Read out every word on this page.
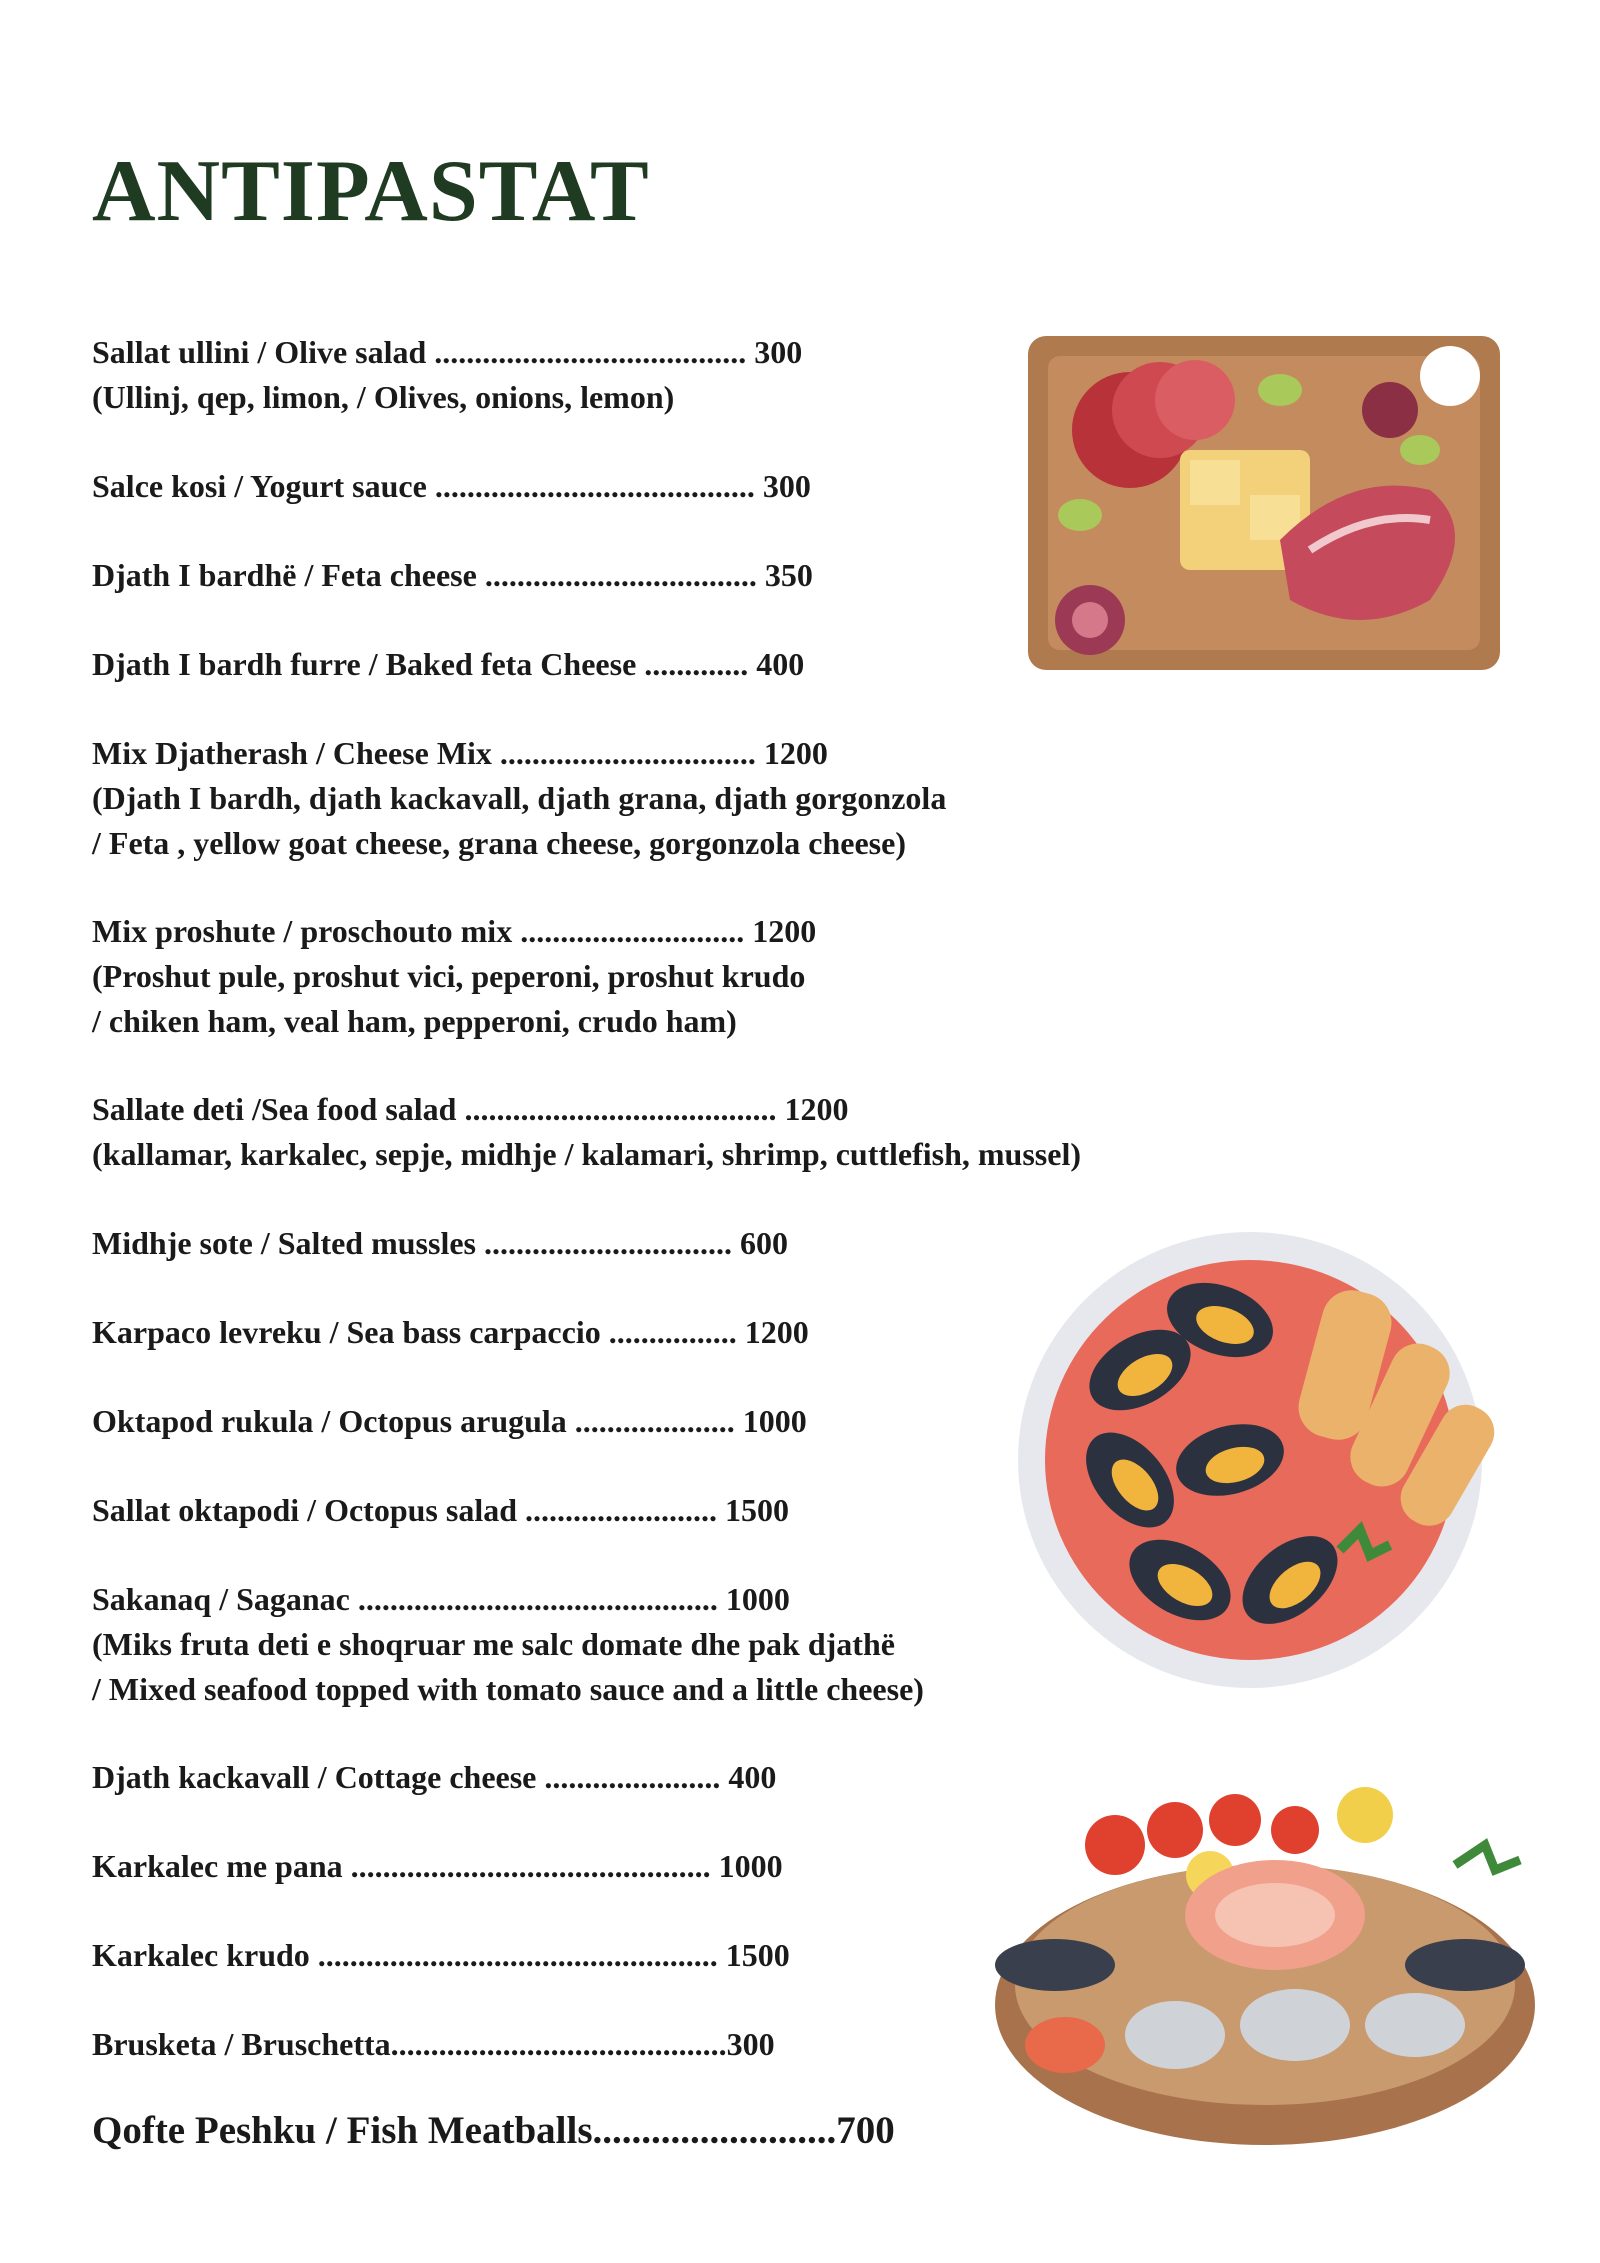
ANTIPASTAT
Sallat ullini / Olive salad ....................................... 300
(Ullinj, qep, limon, / Olives, onions, lemon)
Salce kosi / Yogurt sauce ........................................ 300
Djath I bardhë / Feta cheese .................................. 350
Djath I bardh furre / Baked feta Cheese ............. 400
Mix Djatherash / Cheese Mix ................................ 1200
(Djath I bardh, djath kackavall, djath grana, djath gorgonzola
/ Feta , yellow goat cheese, grana cheese, gorgonzola cheese)
Mix proshute / proschouto mix ............................ 1200
(Proshut pule, proshut vici, peperoni, proshut krudo
/ chiken ham, veal ham, pepperoni, crudo ham)
Sallate deti /Sea food salad ....................................... 1200
(kallamar, karkalec, sepje, midhje / kalamari, shrimp, cuttlefish, mussel)
Midhje sote / Salted mussles ............................... 600
Karpaco levreku / Sea bass carpaccio ................ 1200
Oktapod rukula / Octopus arugula .................... 1000
Sallat oktapodi / Octopus salad ........................ 1500
Sakanaq / Saganac ............................................. 1000
(Miks fruta deti e shoqruar me salc domate dhe pak djathë
/ Mixed seafood topped with tomato sauce and a little cheese)
Djath kackavall / Cottage cheese ...................... 400
Karkalec me pana ............................................. 1000
Karkalec krudo .................................................. 1500
Brusketa / Bruschetta..........................................300
Qofte Peshku / Fish Meatballs.........................700
